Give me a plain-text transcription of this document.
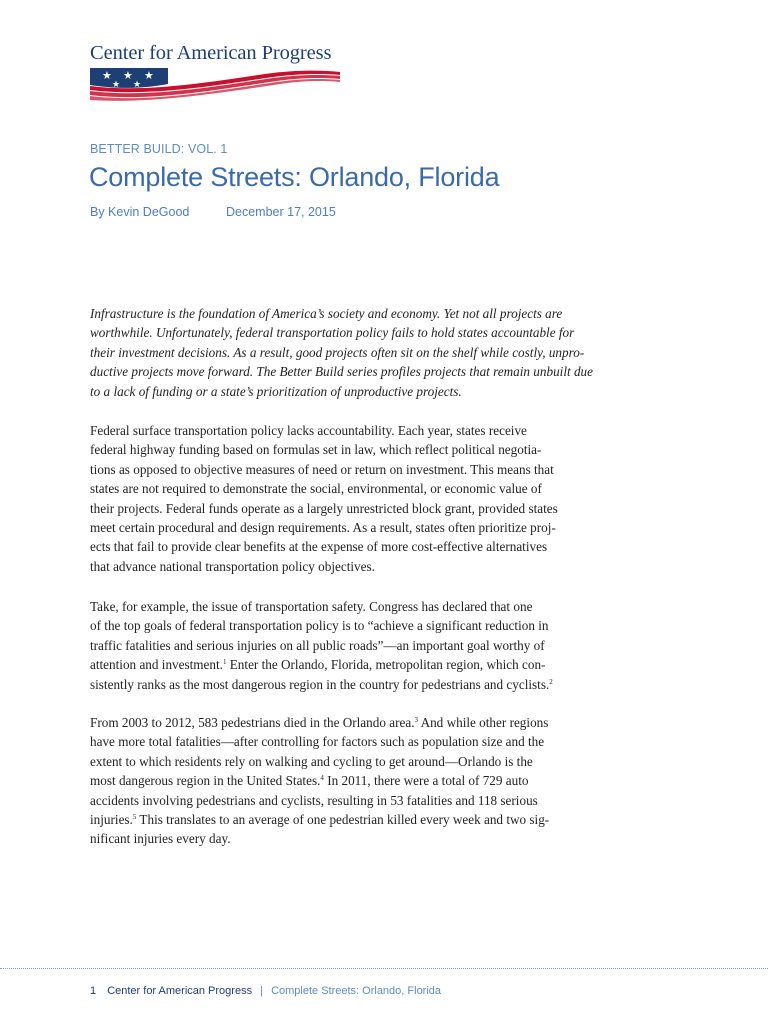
Center for American Progress
★ ★ ★
★ ★
BETTER BUILD: VOL. 1
Complete Streets: Orlando, Florida
By Kevin DeGood	December 17, 2015
Infrastructure is the foundation of America’s society and economy. Yet not all projects are
worthwhile. Unfortunately, federal transportation policy fails to hold states accountable for
their investment decisions. As a result, good projects often sit on the shelf while costly, unpro-
ductive projects move forward. The Better Build series profiles projects that remain unbuilt due
to a lack of funding or a state’s prioritization of unproductive projects.
Federal surface transportation policy lacks accountability. Each year, states receive
federal highway funding based on formulas set in law, which reflect political negotia-
tions as opposed to objective measures of need or return on investment. This means that
states are not required to demonstrate the social, environmental, or economic value of
their projects. Federal funds operate as a largely unrestricted block grant, provided states
meet certain procedural and design requirements. As a result, states often prioritize proj-
ects that fail to provide clear benefits at the expense of more cost-effective alternatives
that advance national transportation policy objectives.
Take, for example, the issue of transportation safety. Congress has declared that one
of the top goals of federal transportation policy is to “achieve a significant reduction in
traffic fatalities and serious injuries on all public roads”—an important goal worthy of
attention and investment.$^1$ Enter the Orlando, Florida, metropolitan region, which con-
sistently ranks as the most dangerous region in the country for pedestrians and cyclists.$^2$
From 2003 to 2012, 583 pedestrians died in the Orlando area.$^3$ And while other regions
have more total fatalities—after controlling for factors such as population size and the
extent to which residents rely on walking and cycling to get around—Orlando is the
most dangerous region in the United States.$^4$ In 2011, there were a total of 729 auto
accidents involving pedestrians and cyclists, resulting in 53 fatalities and 118 serious
injuries.$^5$ This translates to an average of one pedestrian killed every week and two sig-
nificant injuries every day.
1 Center for American Progress | Complete Streets: Orlando, Florida
